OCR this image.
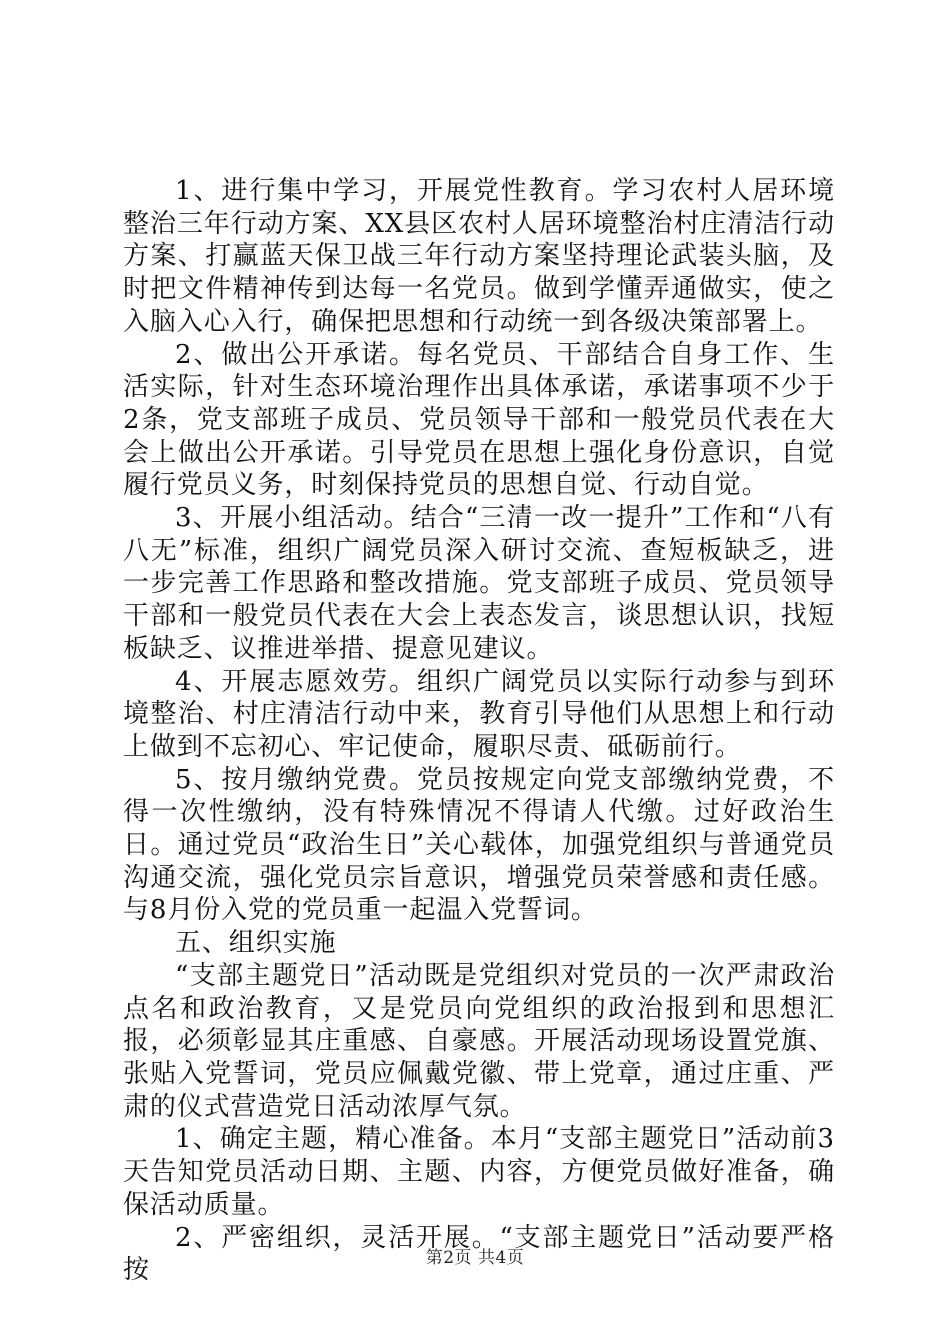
1、进行集中学习，开展党性教育。学习农村人居环境整治三年行动方案、XX县区农村人居环境整治村庄清洁行动方案、打赢蓝天保卫战三年行动方案坚持理论武装头脑，及时把文件精神传到达每一名党员。做到学懂弄通做实，使之入脑入心入行，确保把思想和行动统一到各级决策部署上。

2、做出公开承诺。每名党员、干部结合自身工作、生活实际，针对生态环境治理作出具体承诺，承诺事项不少于2条，党支部班子成员、党员领导干部和一般党员代表在大会上做出公开承诺。引导党员在思想上强化身份意识，自觉履行党员义务，时刻保持党员的思想自觉、行动自觉。

3、开展小组活动。结合“三清一改一提升”工作和“八有八无”标准，组织广阔党员深入研讨交流、查短板缺乏，进一步完善工作思路和整改措施。党支部班子成员、党员领导干部和一般党员代表在大会上表态发言，谈思想认识，找短板缺乏、议推进举措、提意见建议。

4、开展志愿效劳。组织广阔党员以实际行动参与到环境整治、村庄清洁行动中来，教育引导他们从思想上和行动上做到不忘初心、牢记使命，履职尽责、砥砺前行。

5、按月缴纳党费。党员按规定向党支部缴纳党费，不得一次性缴纳，没有特殊情况不得请人代缴。过好政治生日。通过党员“政治生日”关心载体，加强党组织与普通党员沟通交流，强化党员宗旨意识，增强党员荣誉感和责任感。与8月份入党的党员重一起温入党誓词。

五、组织实施

“支部主题党日”活动既是党组织对党员的一次严肃政治点名和政治教育，又是党员向党组织的政治报到和思想汇报，必须彰显其庄重感、自豪感。开展活动现场设置党旗、张贴入党誓词，党员应佩戴党徽、带上党章，通过庄重、严肃的仪式营造党日活动浓厚气氛。

1、确定主题，精心准备。本月“支部主题党日”活动前3天告知党员活动日期、主题、内容，方便党员做好准备，确保活动质量。

2、严密组织，灵活开展。“支部主题党日”活动要严格按	第2页 共4页
